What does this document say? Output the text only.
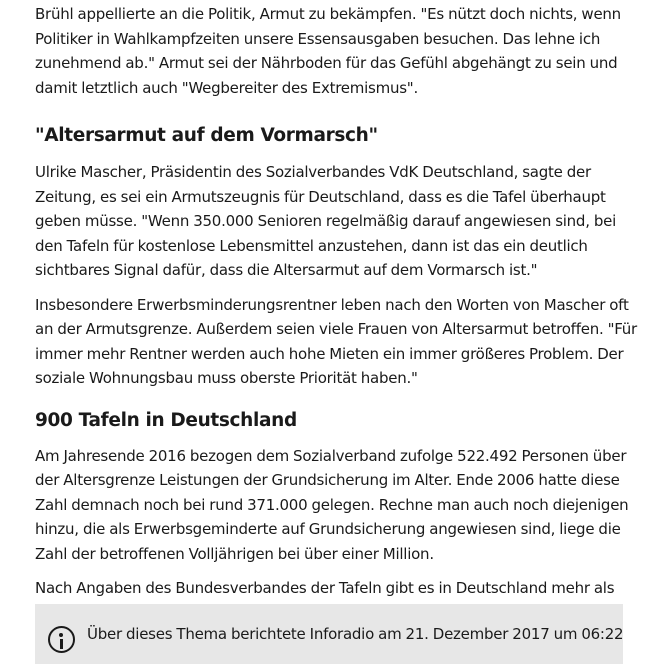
Brühl appellierte an die Politik, Armut zu bekämpfen. "Es nützt doch nichts, wenn Politiker in Wahlkampfzeiten unsere Essensausgaben besuchen. Das lehne ich zunehmend ab." Armut sei der Nährboden für das Gefühl abgehängt zu sein und damit letztlich auch "Wegbereiter des Extremismus".

"Altersarmut auf dem Vormarsch"

Ulrike Mascher, Präsidentin des Sozialverbandes VdK Deutschland, sagte der Zeitung, es sei ein Armutszeugnis für Deutschland, dass es die Tafel überhaupt geben müsse. "Wenn 350.000 Senioren regelmäßig darauf angewiesen sind, bei den Tafeln für kostenlose Lebensmittel anzustehen, dann ist das ein deutlich sichtbares Signal dafür, dass die Altersarmut auf dem Vormarsch ist."

Insbesondere Erwerbsminderungsrentner leben nach den Worten von Mascher oft an der Armutsgrenze. Außerdem seien viele Frauen von Altersarmut betroffen. "Für immer mehr Rentner werden auch hohe Mieten ein immer größeres Problem. Der soziale Wohnungsbau muss oberste Priorität haben."

900 Tafeln in Deutschland

Am Jahresende 2016 bezogen dem Sozialverband zufolge 522.492 Personen über der Altersgrenze Leistungen der Grundsicherung im Alter. Ende 2006 hatte diese Zahl demnach noch bei rund 371.000 gelegen. Rechne man auch noch diejenigen hinzu, die als Erwerbsgeminderte auf Grundsicherung angewiesen sind, liege die Zahl der betroffenen Volljährigen bei über einer Million.

Nach Angaben des Bundesverbandes der Tafeln gibt es in Deutschland mehr als

Über dieses Thema berichtete Inforadio am 21. Dezember 2017 um 06:22
